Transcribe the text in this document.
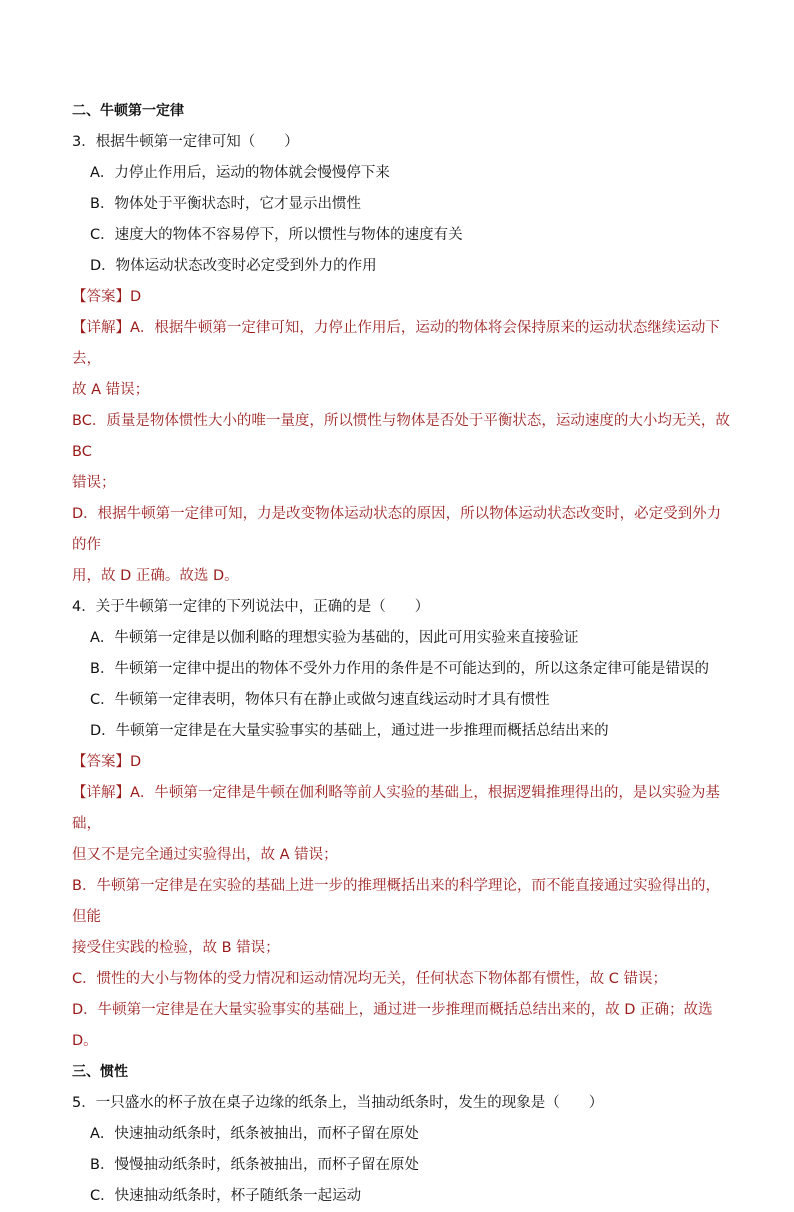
二、牛顿第一定律
3．根据牛顿第一定律可知（　　）
A．力停止作用后，运动的物体就会慢慢停下来
B．物体处于平衡状态时，它才显示出惯性
C．速度大的物体不容易停下，所以惯性与物体的速度有关
D．物体运动状态改变时必定受到外力的作用
【答案】D
【详解】A．根据牛顿第一定律可知，力停止作用后，运动的物体将会保持原来的运动状态继续运动下去，
故 A 错误；
BC．质量是物体惯性大小的唯一量度，所以惯性与物体是否处于平衡状态，运动速度的大小均无关，故 BC
错误；
D．根据牛顿第一定律可知，力是改变物体运动状态的原因，所以物体运动状态改变时，必定受到外力的作
用，故 D 正确。故选 D。
4．关于牛顿第一定律的下列说法中，正确的是（　　）
A．牛顿第一定律是以伽利略的理想实验为基础的，因此可用实验来直接验证
B．牛顿第一定律中提出的物体不受外力作用的条件是不可能达到的，所以这条定律可能是错误的
C．牛顿第一定律表明，物体只有在静止或做匀速直线运动时才具有惯性
D．牛顿第一定律是在大量实验事实的基础上，通过进一步推理而概括总结出来的
【答案】D
【详解】A．牛顿第一定律是牛顿在伽利略等前人实验的基础上，根据逻辑推理得出的，是以实验为基础，
但又不是完全通过实验得出，故 A 错误；
B．牛顿第一定律是在实验的基础上进一步的推理概括出来的科学理论，而不能直接通过实验得出的，但能
接受住实践的检验，故 B 错误；
C．惯性的大小与物体的受力情况和运动情况均无关，任何状态下物体都有惯性，故 C 错误；
D．牛顿第一定律是在大量实验事实的基础上，通过进一步推理而概括总结出来的，故 D 正确；故选 D。
三、惯性
5．一只盛水的杯子放在桌子边缘的纸条上，当抽动纸条时，发生的现象是（　　）
A．快速抽动纸条时，纸条被抽出，而杯子留在原处
B．慢慢抽动纸条时，纸条被抽出，而杯子留在原处
C．快速抽动纸条时，杯子随纸条一起运动
